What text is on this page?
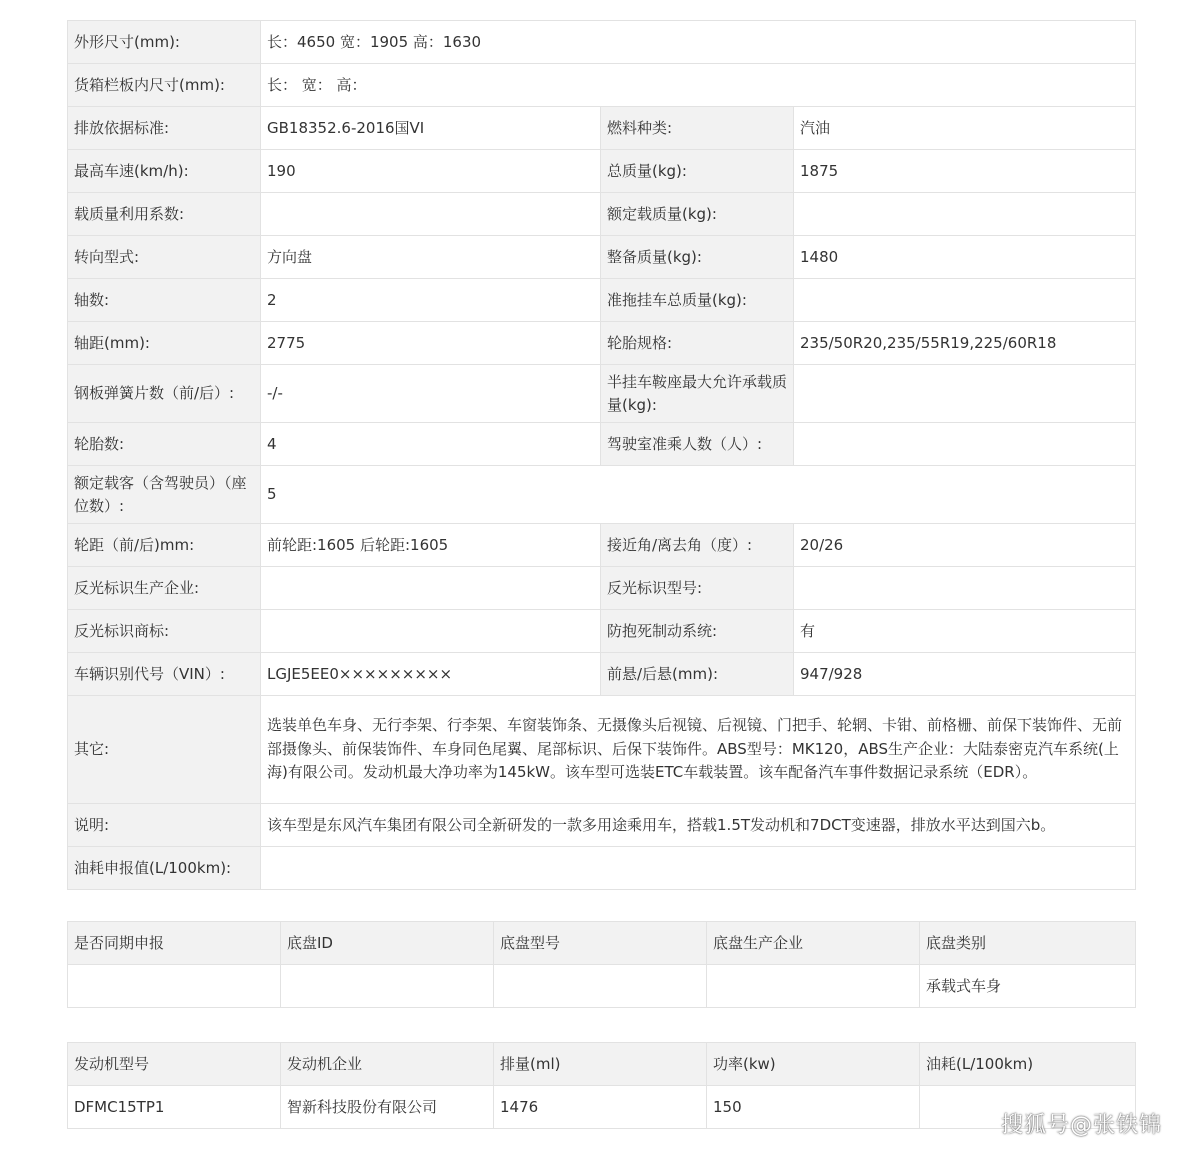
外形尺寸(mm):	长：4650 宽：1905 高：1630		
货箱栏板内尺寸(mm):	长： 宽： 高：		
排放依据标准:	GB18352.6-2016国VI	燃料种类:	汽油
最高车速(km/h):	190	总质量(kg):	1875
载质量利用系数:		额定载质量(kg):	
转向型式:	方向盘	整备质量(kg):	1480
轴数:	2	准拖挂车总质量(kg):	
轴距(mm):	2775	轮胎规格:	235/50R20,235/55R19,225/60R18
钢板弹簧片数（前/后）:	-/-	半挂车鞍座最大允许承载质量(kg):	
轮胎数:	4	驾驶室准乘人数（人）:	
额定载客（含驾驶员）（座位数）:	5		
轮距（前/后)mm:	前轮距:1605 后轮距:1605	接近角/离去角（度）:	20/26
反光标识生产企业:		反光标识型号:	
反光标识商标:		防抱死制动系统:	有
车辆识别代号（VIN）:	LGJE5EE0×××××××××	前悬/后悬(mm):	947/928
其它:	选装单色车身、无行李架、行李架、车窗装饰条、无摄像头后视镜、后视镜、门把手、轮辋、卡钳、前格栅、前保下装饰件、无前部摄像头、前保装饰件、车身同色尾翼、尾部标识、后保下装饰件。ABS型号：MK120，ABS生产企业：大陆泰密克汽车系统(上海)有限公司。发动机最大净功率为145kW。该车型可选装ETC车载装置。该车配备汽车事件数据记录系统（EDR）。		
说明:	该车型是东风汽车集团有限公司全新研发的一款多用途乘用车，搭载1.5T发动机和7DCT变速器，排放水平达到国六b。		
油耗申报值(L/100km):			
是否同期申报	底盘ID	底盘型号	底盘生产企业	底盘类别
				承载式车身
发动机型号	发动机企业	排量(ml)	功率(kw)	油耗(L/100km)
DFMC15TP1	智新科技股份有限公司	1476	150	
搜狐号@张铁锦
